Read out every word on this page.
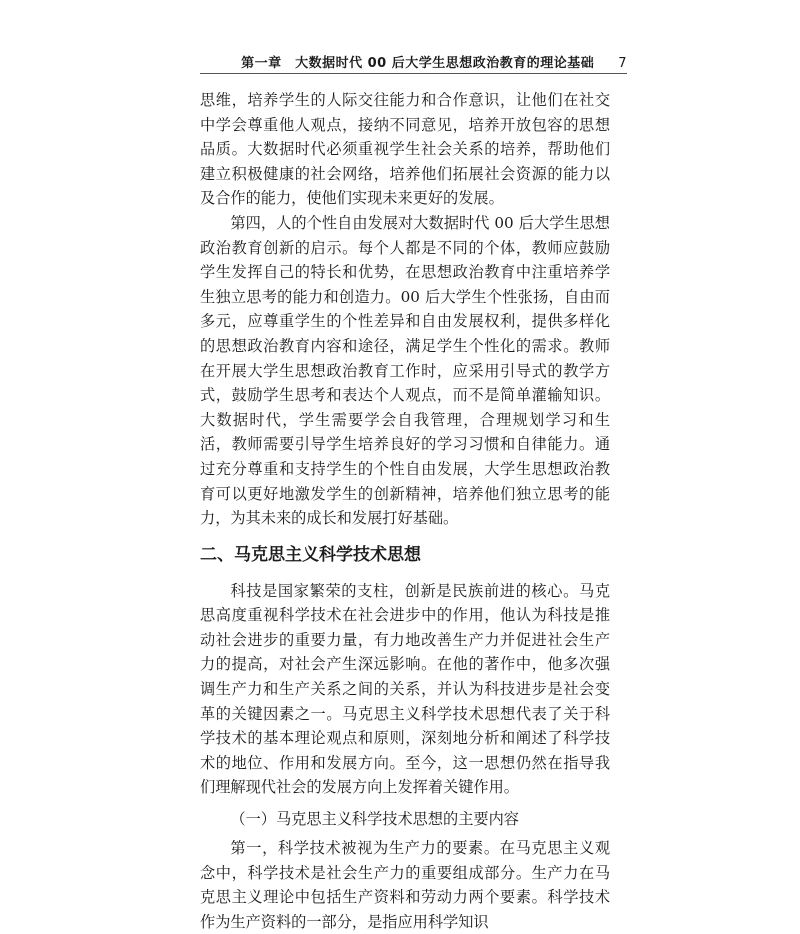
第一章　大数据时代 00 后大学生思想政治教育的理论基础 7

思维，培养学生的人际交往能力和合作意识，让他们在社交中学会尊重他人观点，接纳不同意见，培养开放包容的思想品质。大数据时代必须重视学生社会关系的培养，帮助他们建立积极健康的社会网络，培养他们拓展社会资源的能力以及合作的能力，使他们实现未来更好的发展。

第四，人的个性自由发展对大数据时代 00 后大学生思想政治教育创新的启示。每个人都是不同的个体，教师应鼓励学生发挥自己的特长和优势，在思想政治教育中注重培养学生独立思考的能力和创造力。00 后大学生个性张扬，自由而多元，应尊重学生的个性差异和自由发展权利，提供多样化的思想政治教育内容和途径，满足学生个性化的需求。教师在开展大学生思想政治教育工作时，应采用引导式的教学方式，鼓励学生思考和表达个人观点，而不是简单灌输知识。大数据时代，学生需要学会自我管理，合理规划学习和生活，教师需要引导学生培养良好的学习习惯和自律能力。通过充分尊重和支持学生的个性自由发展，大学生思想政治教育可以更好地激发学生的创新精神，培养他们独立思考的能力，为其未来的成长和发展打好基础。

二、马克思主义科学技术思想

科技是国家繁荣的支柱，创新是民族前进的核心。马克思高度重视科学技术在社会进步中的作用，他认为科技是推动社会进步的重要力量，有力地改善生产力并促进社会生产力的提高，对社会产生深远影响。在他的著作中，他多次强调生产力和生产关系之间的关系，并认为科技进步是社会变革的关键因素之一。马克思主义科学技术思想代表了关于科学技术的基本理论观点和原则，深刻地分析和阐述了科学技术的地位、作用和发展方向。至今，这一思想仍然在指导我们理解现代社会的发展方向上发挥着关键作用。

（一）马克思主义科学技术思想的主要内容

第一，科学技术被视为生产力的要素。在马克思主义观念中，科学技术是社会生产力的重要组成部分。生产力在马克思主义理论中包括生产资料和劳动力两个要素。科学技术作为生产资料的一部分，是指应用科学知识
